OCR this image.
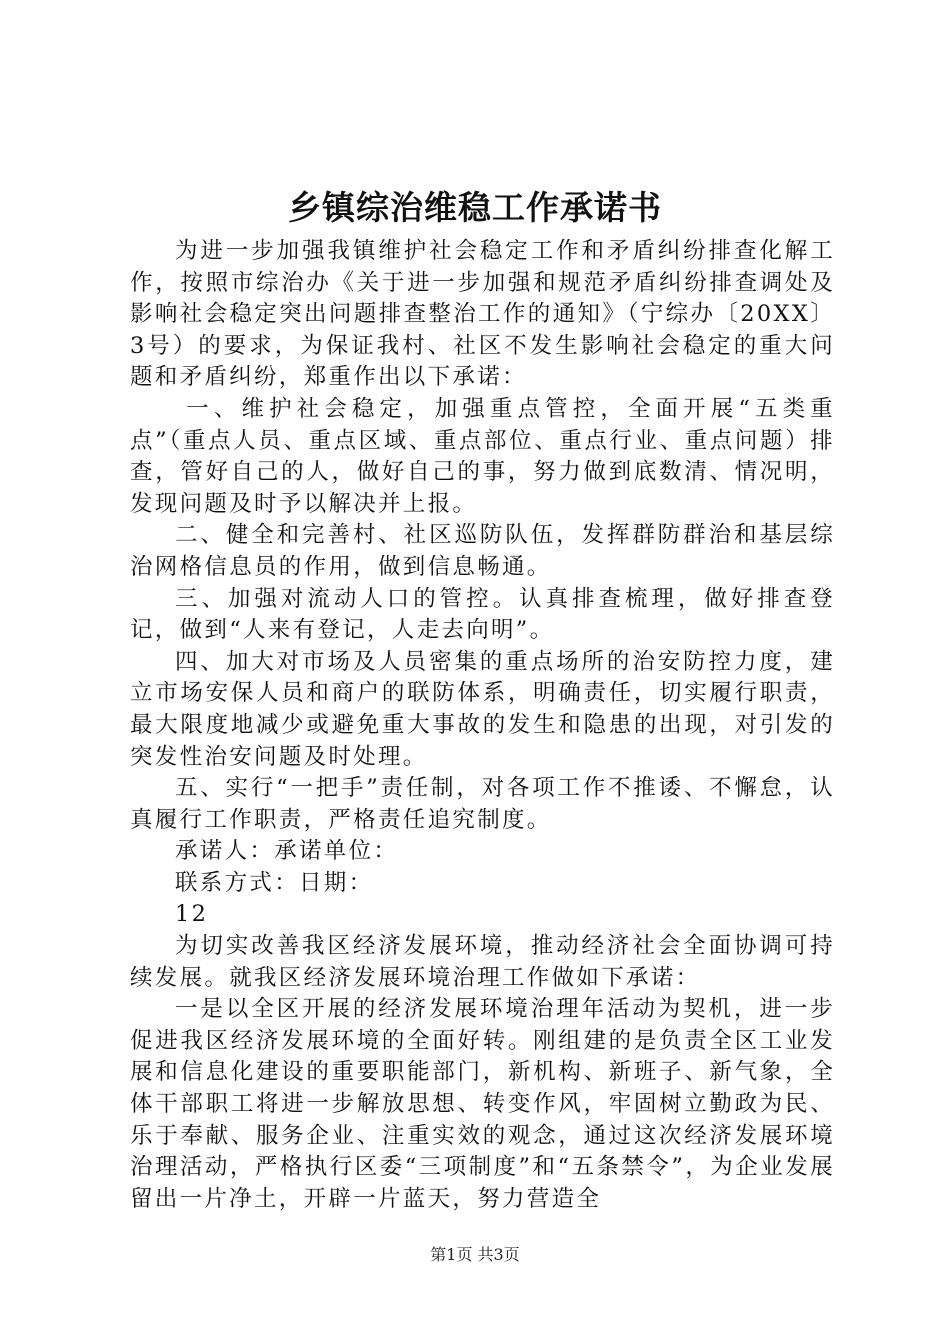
乡镇综治维稳工作承诺书

为进一步加强我镇维护社会稳定工作和矛盾纠纷排查化解工作，按照市综治办《关于进一步加强和规范矛盾纠纷排查调处及影响社会稳定突出问题排查整治工作的通知》（宁综办〔20XX〕3号）的要求，为保证我村、社区不发生影响社会稳定的重大问题和矛盾纠纷，郑重作出以下承诺：

一、维护社会稳定，加强重点管控，全面开展“五类重点”（重点人员、重点区域、重点部位、重点行业、重点问题）排查，管好自己的人，做好自己的事，努力做到底数清、情况明，发现问题及时予以解决并上报。

二、健全和完善村、社区巡防队伍，发挥群防群治和基层综治网格信息员的作用，做到信息畅通。

三、加强对流动人口的管控。认真排查梳理，做好排查登记，做到“人来有登记，人走去向明”。

四、加大对市场及人员密集的重点场所的治安防控力度，建立市场安保人员和商户的联防体系，明确责任，切实履行职责，最大限度地减少或避免重大事故的发生和隐患的出现，对引发的突发性治安问题及时处理。

五、实行“一把手”责任制，对各项工作不推诿、不懈怠，认真履行工作职责，严格责任追究制度。

承诺人：承诺单位：

联系方式：日期：

12

为切实改善我区经济发展环境，推动经济社会全面协调可持续发展。就我区经济发展环境治理工作做如下承诺：

一是以全区开展的经济发展环境治理年活动为契机，进一步促进我区经济发展环境的全面好转。刚组建的是负责全区工业发展和信息化建设的重要职能部门，新机构、新班子、新气象，全体干部职工将进一步解放思想、转变作风，牢固树立勤政为民、乐于奉献、服务企业、注重实效的观念，通过这次经济发展环境治理活动，严格执行区委“三项制度”和“五条禁令”，为企业发展留出一片净土，开辟一片蓝天，努力营造全

第1页 共3页
